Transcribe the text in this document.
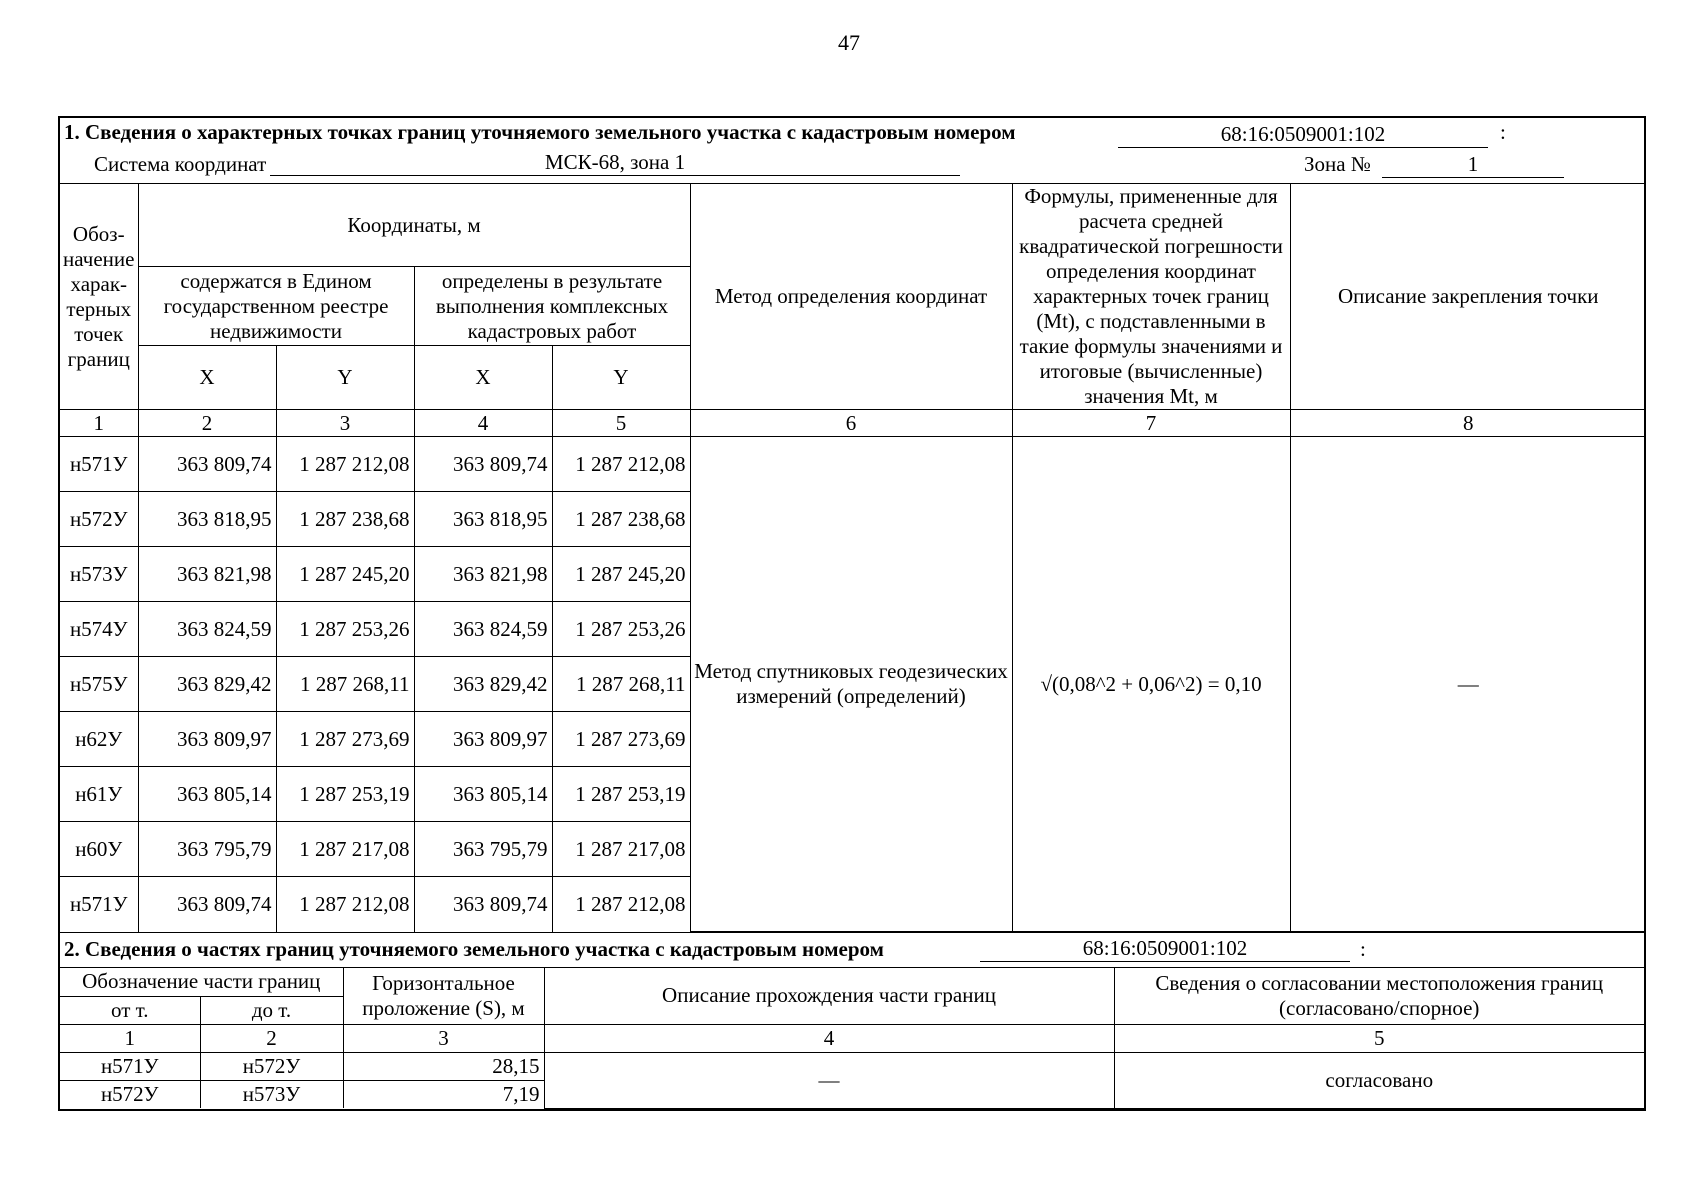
47
1. Сведения о характерных точках границ уточняемого земельного участка с кадастровым номером	68:16:0509001:102	:
Система координат	МСК-68, зона 1	Зона №	1
Обоз-начение харак-терных точек границ	Координаты, м				Метод определения координат	Формулы, примененные для расчета средней квадратической погрешности определения координат характерных точек границ (Mt), с подставленными в такие формулы значениями и итоговые (вычисленные) значения Mt, м	Описание закрепления точки
	содержатся в Едином государственном реестре недвижимости		определены в результате выполнения комплексных кадастровых работ				
	X	Y	X	Y			
1	2	3	4	5	6	7	8
н571У	363 809,74	1 287 212,08	363 809,74	1 287 212,08	Метод спутниковых геодезических измерений (определений)	√(0,08^2 + 0,06^2) = 0,10	—
н572У	363 818,95	1 287 238,68	363 818,95	1 287 238,68			
н573У	363 821,98	1 287 245,20	363 821,98	1 287 245,20			
н574У	363 824,59	1 287 253,26	363 824,59	1 287 253,26			
н575У	363 829,42	1 287 268,11	363 829,42	1 287 268,11			
н62У	363 809,97	1 287 273,69	363 809,97	1 287 273,69			
н61У	363 805,14	1 287 253,19	363 805,14	1 287 253,19			
н60У	363 795,79	1 287 217,08	363 795,79	1 287 217,08			
н571У	363 809,74	1 287 212,08	363 809,74	1 287 212,08			
2. Сведения о частях границ уточняемого земельного участка с кадастровым номером	68:16:0509001:102	:
Обозначение части границ		Горизонтальное проложение (S), м	Описание прохождения части границ	Сведения о согласовании местоположения границ (согласовано/спорное)
от т.	до т.			
1	2	3	4	5
н571У	н572У	28,15	—	согласовано
н572У	н573У	7,19		
